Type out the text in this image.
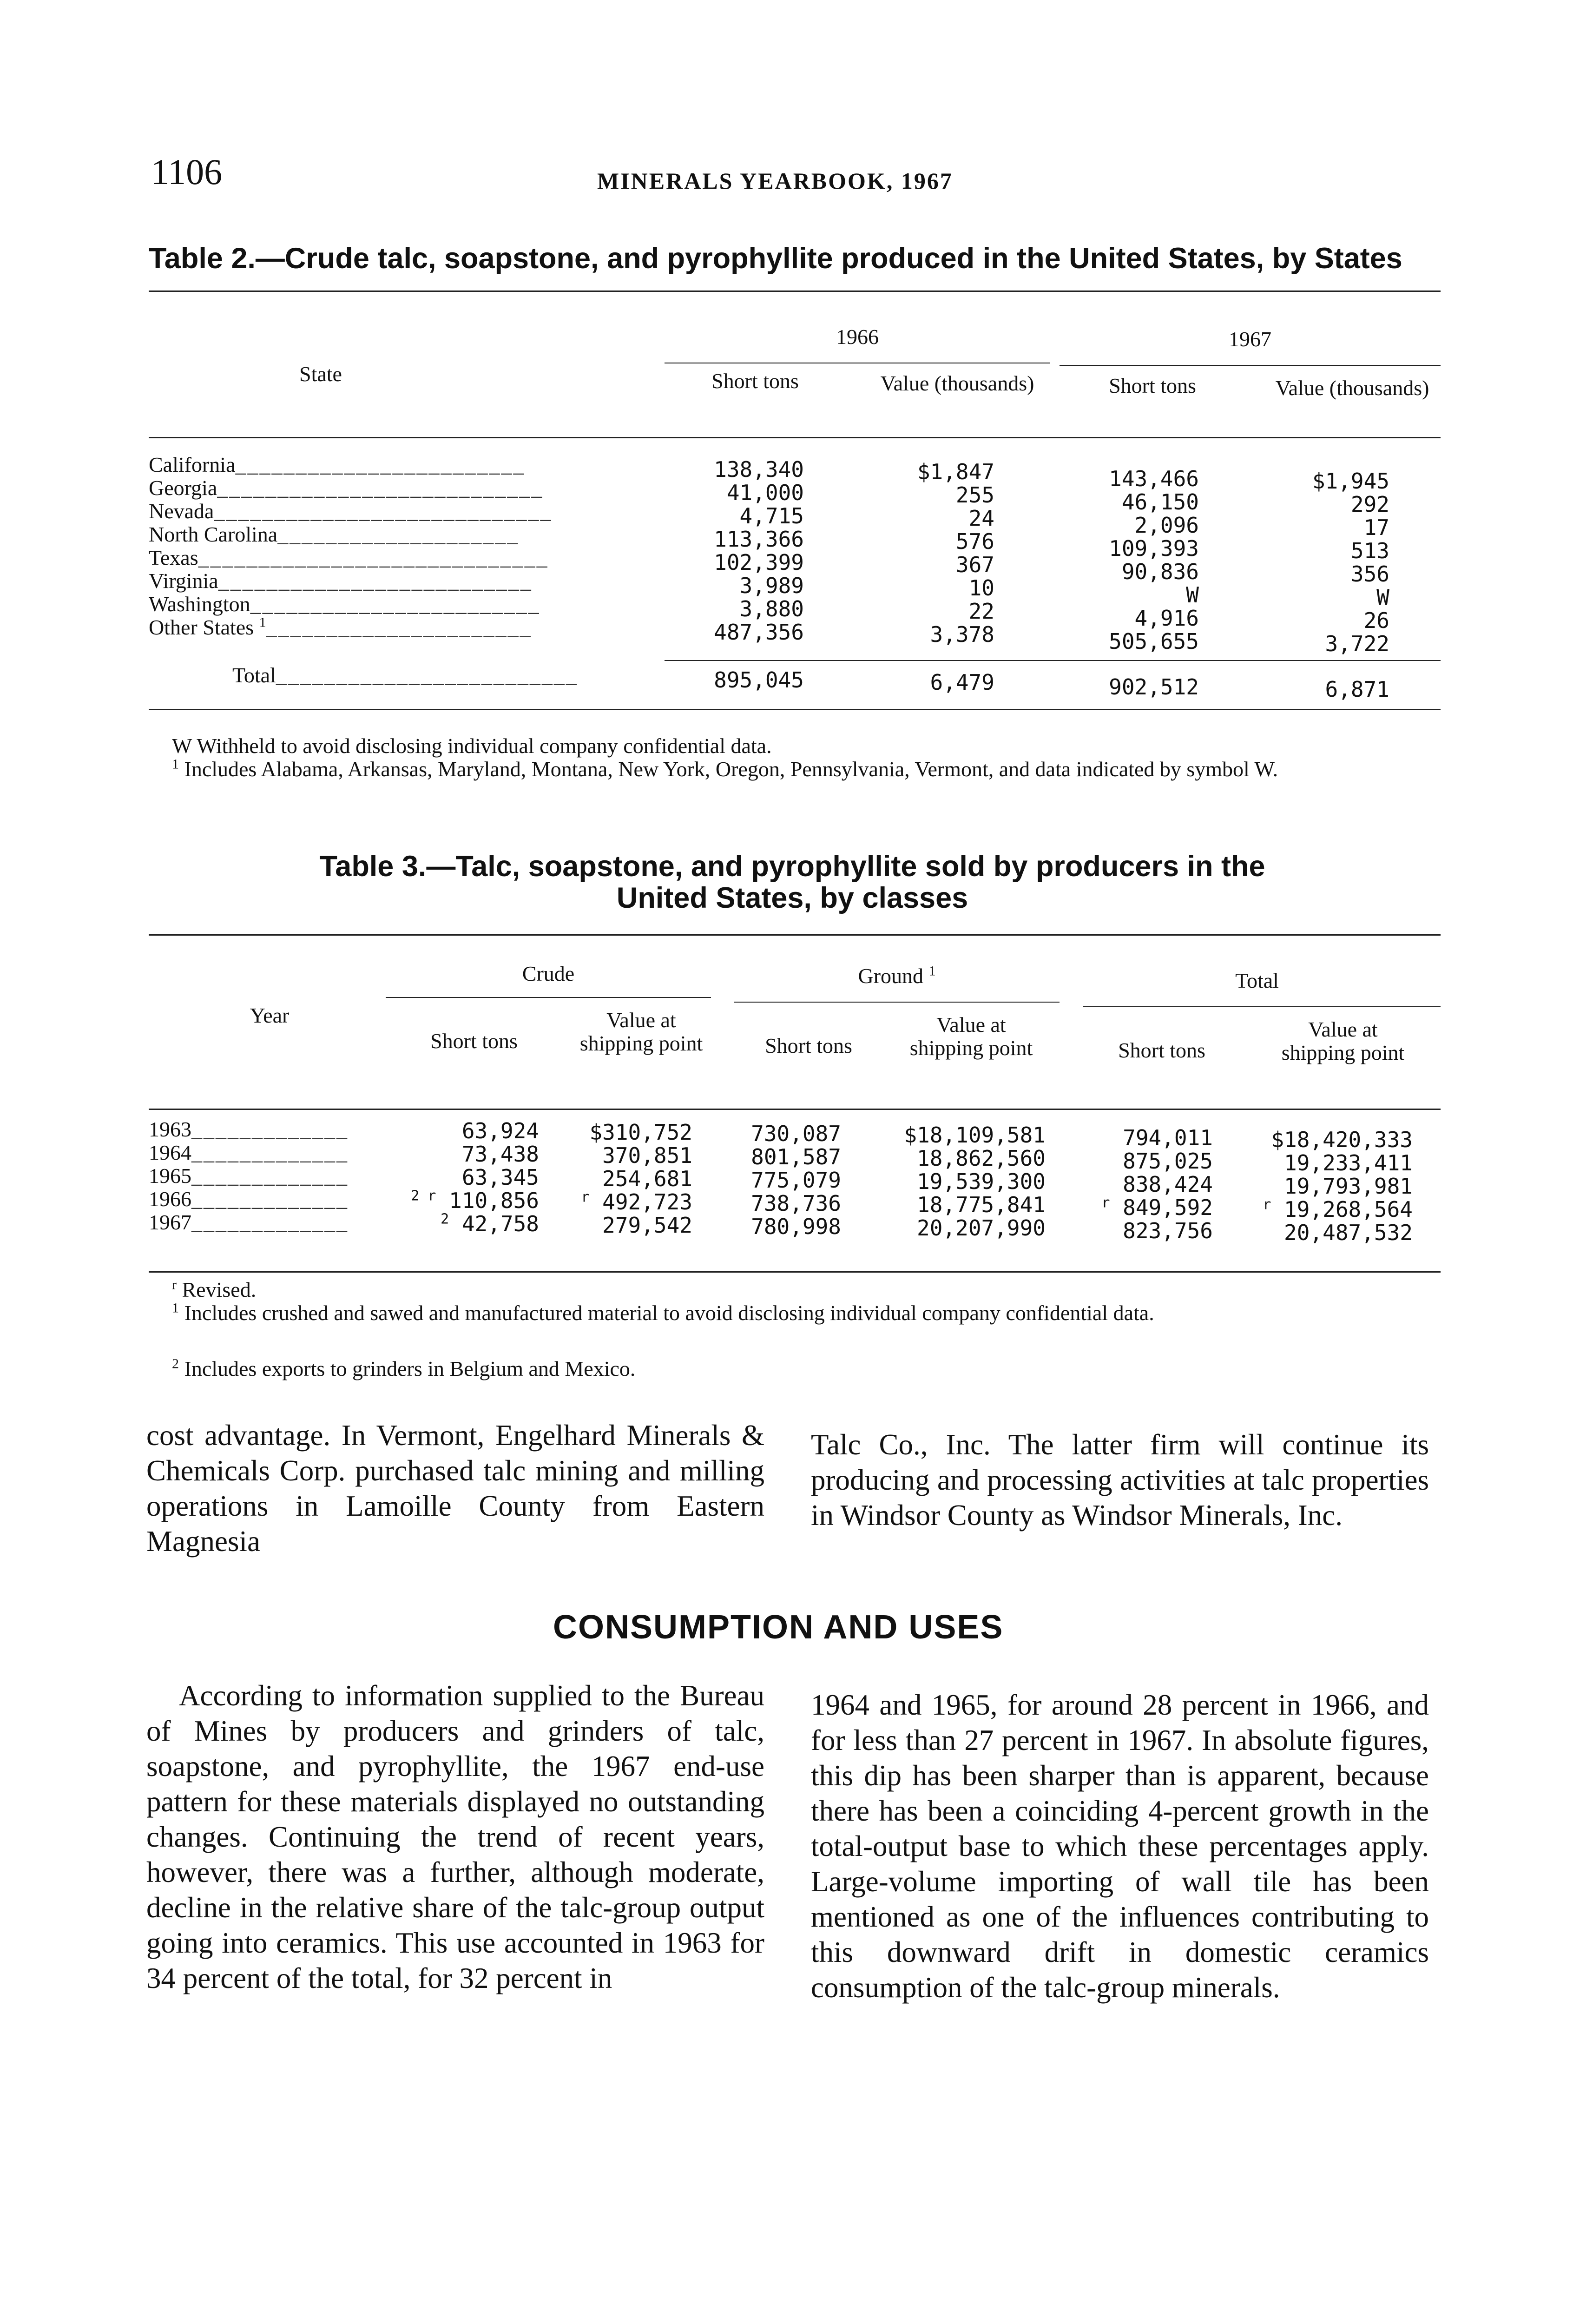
1106	MINERALS YEARBOOK, 1967
Table 2.—Crude talc, soapstone, and pyrophyllite produced in the United States, by States
State
1966	1967
Short tons	Value (thousands)	Short tons	Value (thousands)
California________________________	138,340	$1,847	143,466	$1,945
Georgia___________________________	41,000	255	46,150	292
Nevada____________________________	4,715	24	2,096	17
North Carolina____________________	113,366	576	109,393	513
Texas_____________________________	102,399	367	90,836	356
Virginia__________________________	3,989	10	W	W
Washington________________________	3,880	22	4,916	26
Other States $^1$______________________	487,356	3,378	505,655	3,722
Total_________________________	895,045	6,479	902,512	6,871
W Withheld to avoid disclosing individual company confidential data.
$^1$ Includes Alabama, Arkansas, Maryland, Montana, New York, Oregon, Pennsylvania, Vermont, and data indicated by symbol W.
Table 3.—Talc, soapstone, and pyrophyllite sold by producers in the
United States, by classes
Year
Crude	Ground $^1$	Total
Short tons
Value at shipping point	Short tons
Value at shipping point	Short tons
Value at shipping point
1963_____________	63,924	$310,752	730,087	$18,109,581	794,011	$18,420,333
1964_____________	73,438	370,851	801,587	18,862,560	875,025	19,233,411
1965_____________	63,345	254,681	775,079	19,539,300	838,424	19,793,981
1966_____________	$^{2 r}$ 110,856	$^r$ 492,723	738,736	18,775,841	$^r$ 849,592	$^r$ 19,268,564
1967_____________	$^2$ 42,758	279,542	780,998	20,207,990	823,756	20,487,532
$^r$ Revised.
$^1$ Includes crushed and sawed and manufactured material to avoid disclosing individual company confidential data.
$^2$ Includes exports to grinders in Belgium and Mexico.
cost advantage. In Vermont, Engelhard Minerals & Chemicals Corp. purchased talc mining and milling operations in Lamoille County from Eastern Magnesia
Talc Co., Inc. The latter firm will continue its producing and processing activities at talc properties in Windsor County as Windsor Minerals, Inc.
CONSUMPTION AND USES
According to information supplied to the Bureau of Mines by producers and grinders of talc, soapstone, and pyrophyllite, the 1967 end-use pattern for these materials displayed no outstanding changes. Continuing the trend of recent years, however, there was a further, although moderate, decline in the relative share of the talc-group output going into ceramics. This use accounted in 1963 for 34 percent of the total, for 32 percent in
1964 and 1965, for around 28 percent in 1966, and for less than 27 percent in 1967. In absolute figures, this dip has been sharper than is apparent, because there has been a coinciding 4-percent growth in the total-output base to which these percentages apply. Large-volume importing of wall tile has been mentioned as one of the influences contributing to this downward drift in domestic ceramics consumption of the talc-group minerals.
